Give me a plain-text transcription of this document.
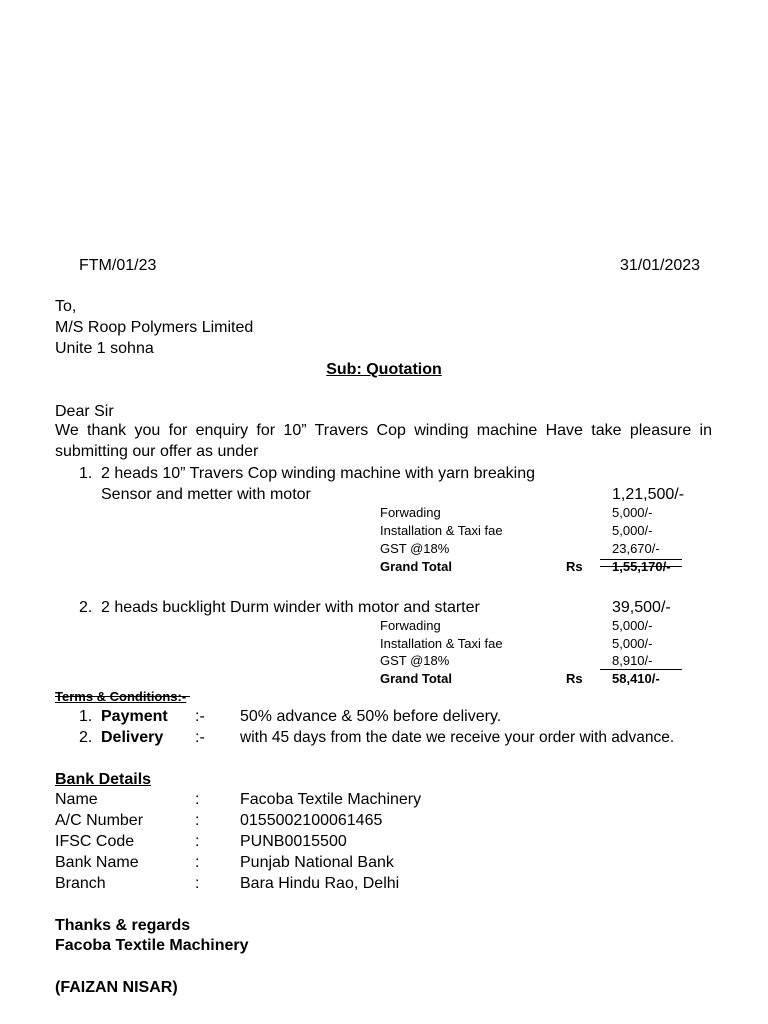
FTM/01/23	31/01/2023
To,
M/S Roop Polymers Limited
Unite 1 sohna
Sub: Quotation
Dear Sir
We thank you for enquiry for 10” Travers Cop winding machine Have take pleasure in submitting our offer as under
1. 2 heads 10” Travers Cop winding machine with yarn breaking
Sensor and metter with motor	1,21,500/-
Forwading	5,000/-
Installation & Taxi fae	5,000/-
GST @18%	23,670/-
Grand Total	Rs 1,55,170/-
2. 2 heads bucklight Durm winder with motor and starter	39,500/-
Forwading	5,000/-
Installation & Taxi fae	5,000/-
GST @18%	8,910/-
Grand Total	Rs 58,410/-
Terms & Conditions:-
1. Payment :- 50% advance & 50% before delivery.
2. Delivery :- with 45 days from the date we receive your order with advance.
Bank Details
Name	:	Facoba Textile Machinery
A/C Number	:	0155002100061465
IFSC Code	:	PUNB0015500
Bank Name	:	Punjab National Bank
Branch	:	Bara Hindu Rao, Delhi
Thanks & regards
Facoba Textile Machinery
(FAIZAN NISAR)
